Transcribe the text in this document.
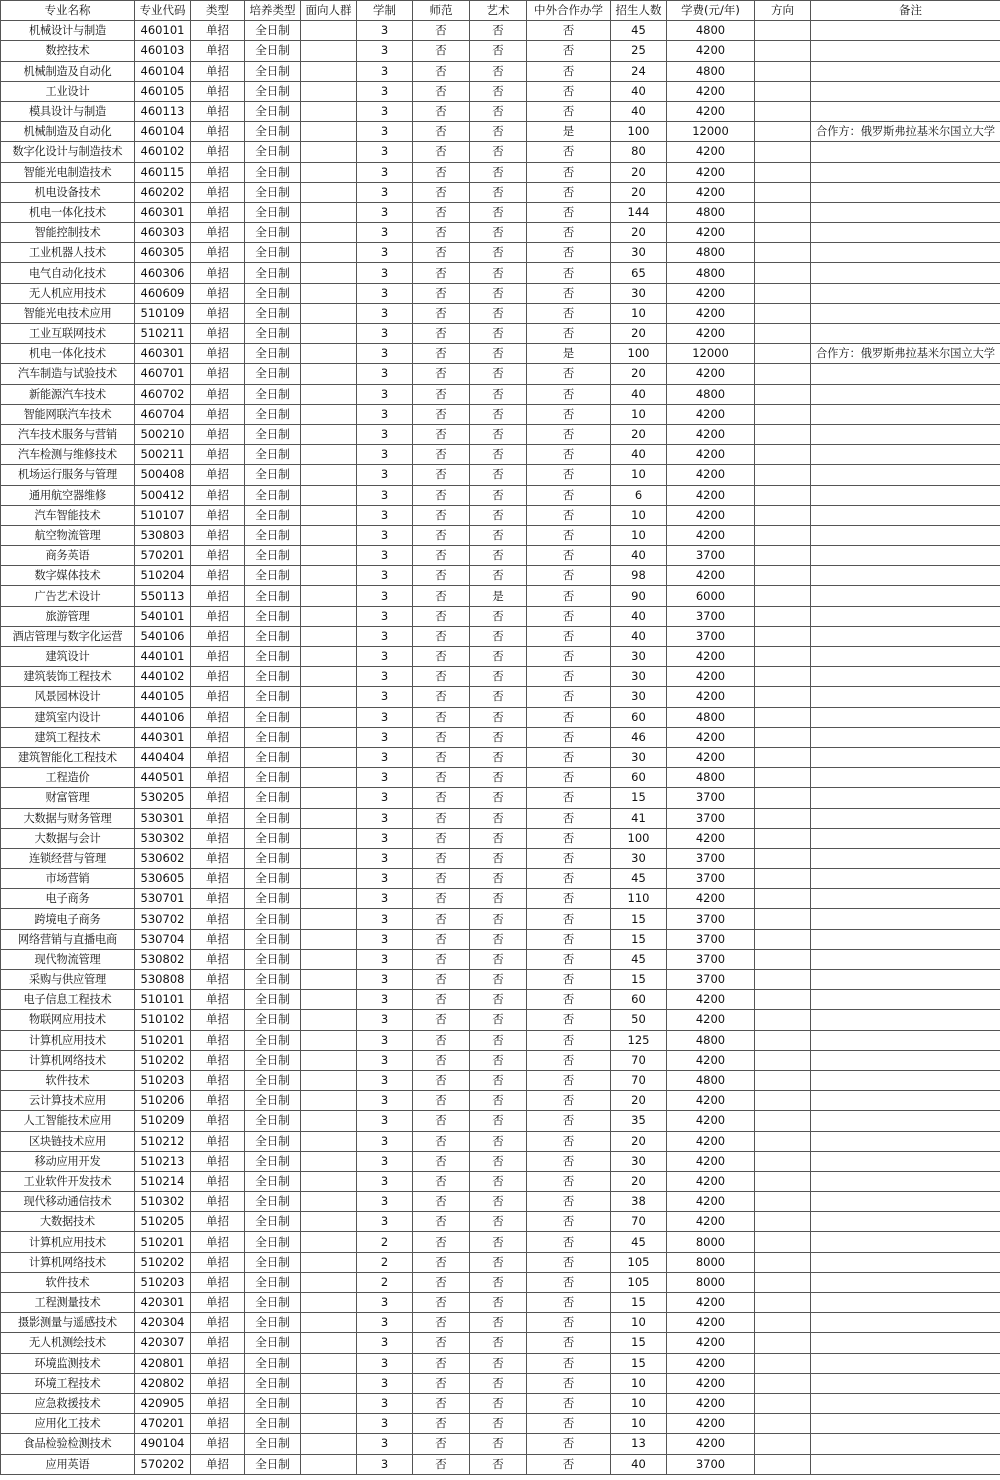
专业名称	专业代码	类型	培养类型	面向人群	学制	师范	艺术	中外合作办学	招生人数	学费(元/年)	方向	备注
机械设计与制造	460101	单招	全日制		3	否	否	否	45	4800		
数控技术	460103	单招	全日制		3	否	否	否	25	4200		
机械制造及自动化	460104	单招	全日制		3	否	否	否	24	4800		
工业设计	460105	单招	全日制		3	否	否	否	40	4200		
模具设计与制造	460113	单招	全日制		3	否	否	否	40	4200		
机械制造及自动化	460104	单招	全日制		3	否	否	是	100	12000		合作方：俄罗斯弗拉基米尔国立大学
数字化设计与制造技术	460102	单招	全日制		3	否	否	否	80	4200		
智能光电制造技术	460115	单招	全日制		3	否	否	否	20	4200		
机电设备技术	460202	单招	全日制		3	否	否	否	20	4200		
机电一体化技术	460301	单招	全日制		3	否	否	否	144	4800		
智能控制技术	460303	单招	全日制		3	否	否	否	20	4200		
工业机器人技术	460305	单招	全日制		3	否	否	否	30	4800		
电气自动化技术	460306	单招	全日制		3	否	否	否	65	4800		
无人机应用技术	460609	单招	全日制		3	否	否	否	30	4200		
智能光电技术应用	510109	单招	全日制		3	否	否	否	10	4200		
工业互联网技术	510211	单招	全日制		3	否	否	否	20	4200		
机电一体化技术	460301	单招	全日制		3	否	否	是	100	12000		合作方：俄罗斯弗拉基米尔国立大学
汽车制造与试验技术	460701	单招	全日制		3	否	否	否	20	4200		
新能源汽车技术	460702	单招	全日制		3	否	否	否	40	4800		
智能网联汽车技术	460704	单招	全日制		3	否	否	否	10	4200		
汽车技术服务与营销	500210	单招	全日制		3	否	否	否	20	4200		
汽车检测与维修技术	500211	单招	全日制		3	否	否	否	40	4200		
机场运行服务与管理	500408	单招	全日制		3	否	否	否	10	4200		
通用航空器维修	500412	单招	全日制		3	否	否	否	6	4200		
汽车智能技术	510107	单招	全日制		3	否	否	否	10	4200		
航空物流管理	530803	单招	全日制		3	否	否	否	10	4200		
商务英语	570201	单招	全日制		3	否	否	否	40	3700		
数字媒体技术	510204	单招	全日制		3	否	否	否	98	4200		
广告艺术设计	550113	单招	全日制		3	否	是	否	90	6000		
旅游管理	540101	单招	全日制		3	否	否	否	40	3700		
酒店管理与数字化运营	540106	单招	全日制		3	否	否	否	40	3700		
建筑设计	440101	单招	全日制		3	否	否	否	30	4200		
建筑装饰工程技术	440102	单招	全日制		3	否	否	否	30	4200		
风景园林设计	440105	单招	全日制		3	否	否	否	30	4200		
建筑室内设计	440106	单招	全日制		3	否	否	否	60	4800		
建筑工程技术	440301	单招	全日制		3	否	否	否	46	4200		
建筑智能化工程技术	440404	单招	全日制		3	否	否	否	30	4200		
工程造价	440501	单招	全日制		3	否	否	否	60	4800		
财富管理	530205	单招	全日制		3	否	否	否	15	3700		
大数据与财务管理	530301	单招	全日制		3	否	否	否	41	3700		
大数据与会计	530302	单招	全日制		3	否	否	否	100	4200		
连锁经营与管理	530602	单招	全日制		3	否	否	否	30	3700		
市场营销	530605	单招	全日制		3	否	否	否	45	3700		
电子商务	530701	单招	全日制		3	否	否	否	110	4200		
跨境电子商务	530702	单招	全日制		3	否	否	否	15	3700		
网络营销与直播电商	530704	单招	全日制		3	否	否	否	15	3700		
现代物流管理	530802	单招	全日制		3	否	否	否	45	3700		
采购与供应管理	530808	单招	全日制		3	否	否	否	15	3700		
电子信息工程技术	510101	单招	全日制		3	否	否	否	60	4200		
物联网应用技术	510102	单招	全日制		3	否	否	否	50	4200		
计算机应用技术	510201	单招	全日制		3	否	否	否	125	4800		
计算机网络技术	510202	单招	全日制		3	否	否	否	70	4200		
软件技术	510203	单招	全日制		3	否	否	否	70	4800		
云计算技术应用	510206	单招	全日制		3	否	否	否	20	4200		
人工智能技术应用	510209	单招	全日制		3	否	否	否	35	4200		
区块链技术应用	510212	单招	全日制		3	否	否	否	20	4200		
移动应用开发	510213	单招	全日制		3	否	否	否	30	4200		
工业软件开发技术	510214	单招	全日制		3	否	否	否	20	4200		
现代移动通信技术	510302	单招	全日制		3	否	否	否	38	4200		
大数据技术	510205	单招	全日制		3	否	否	否	70	4200		
计算机应用技术	510201	单招	全日制		2	否	否	否	45	8000		
计算机网络技术	510202	单招	全日制		2	否	否	否	105	8000		
软件技术	510203	单招	全日制		2	否	否	否	105	8000		
工程测量技术	420301	单招	全日制		3	否	否	否	15	4200		
摄影测量与遥感技术	420304	单招	全日制		3	否	否	否	10	4200		
无人机测绘技术	420307	单招	全日制		3	否	否	否	15	4200		
环境监测技术	420801	单招	全日制		3	否	否	否	15	4200		
环境工程技术	420802	单招	全日制		3	否	否	否	10	4200		
应急救援技术	420905	单招	全日制		3	否	否	否	10	4200		
应用化工技术	470201	单招	全日制		3	否	否	否	10	4200		
食品检验检测技术	490104	单招	全日制		3	否	否	否	13	4200		
应用英语	570202	单招	全日制		3	否	否	否	40	3700		
